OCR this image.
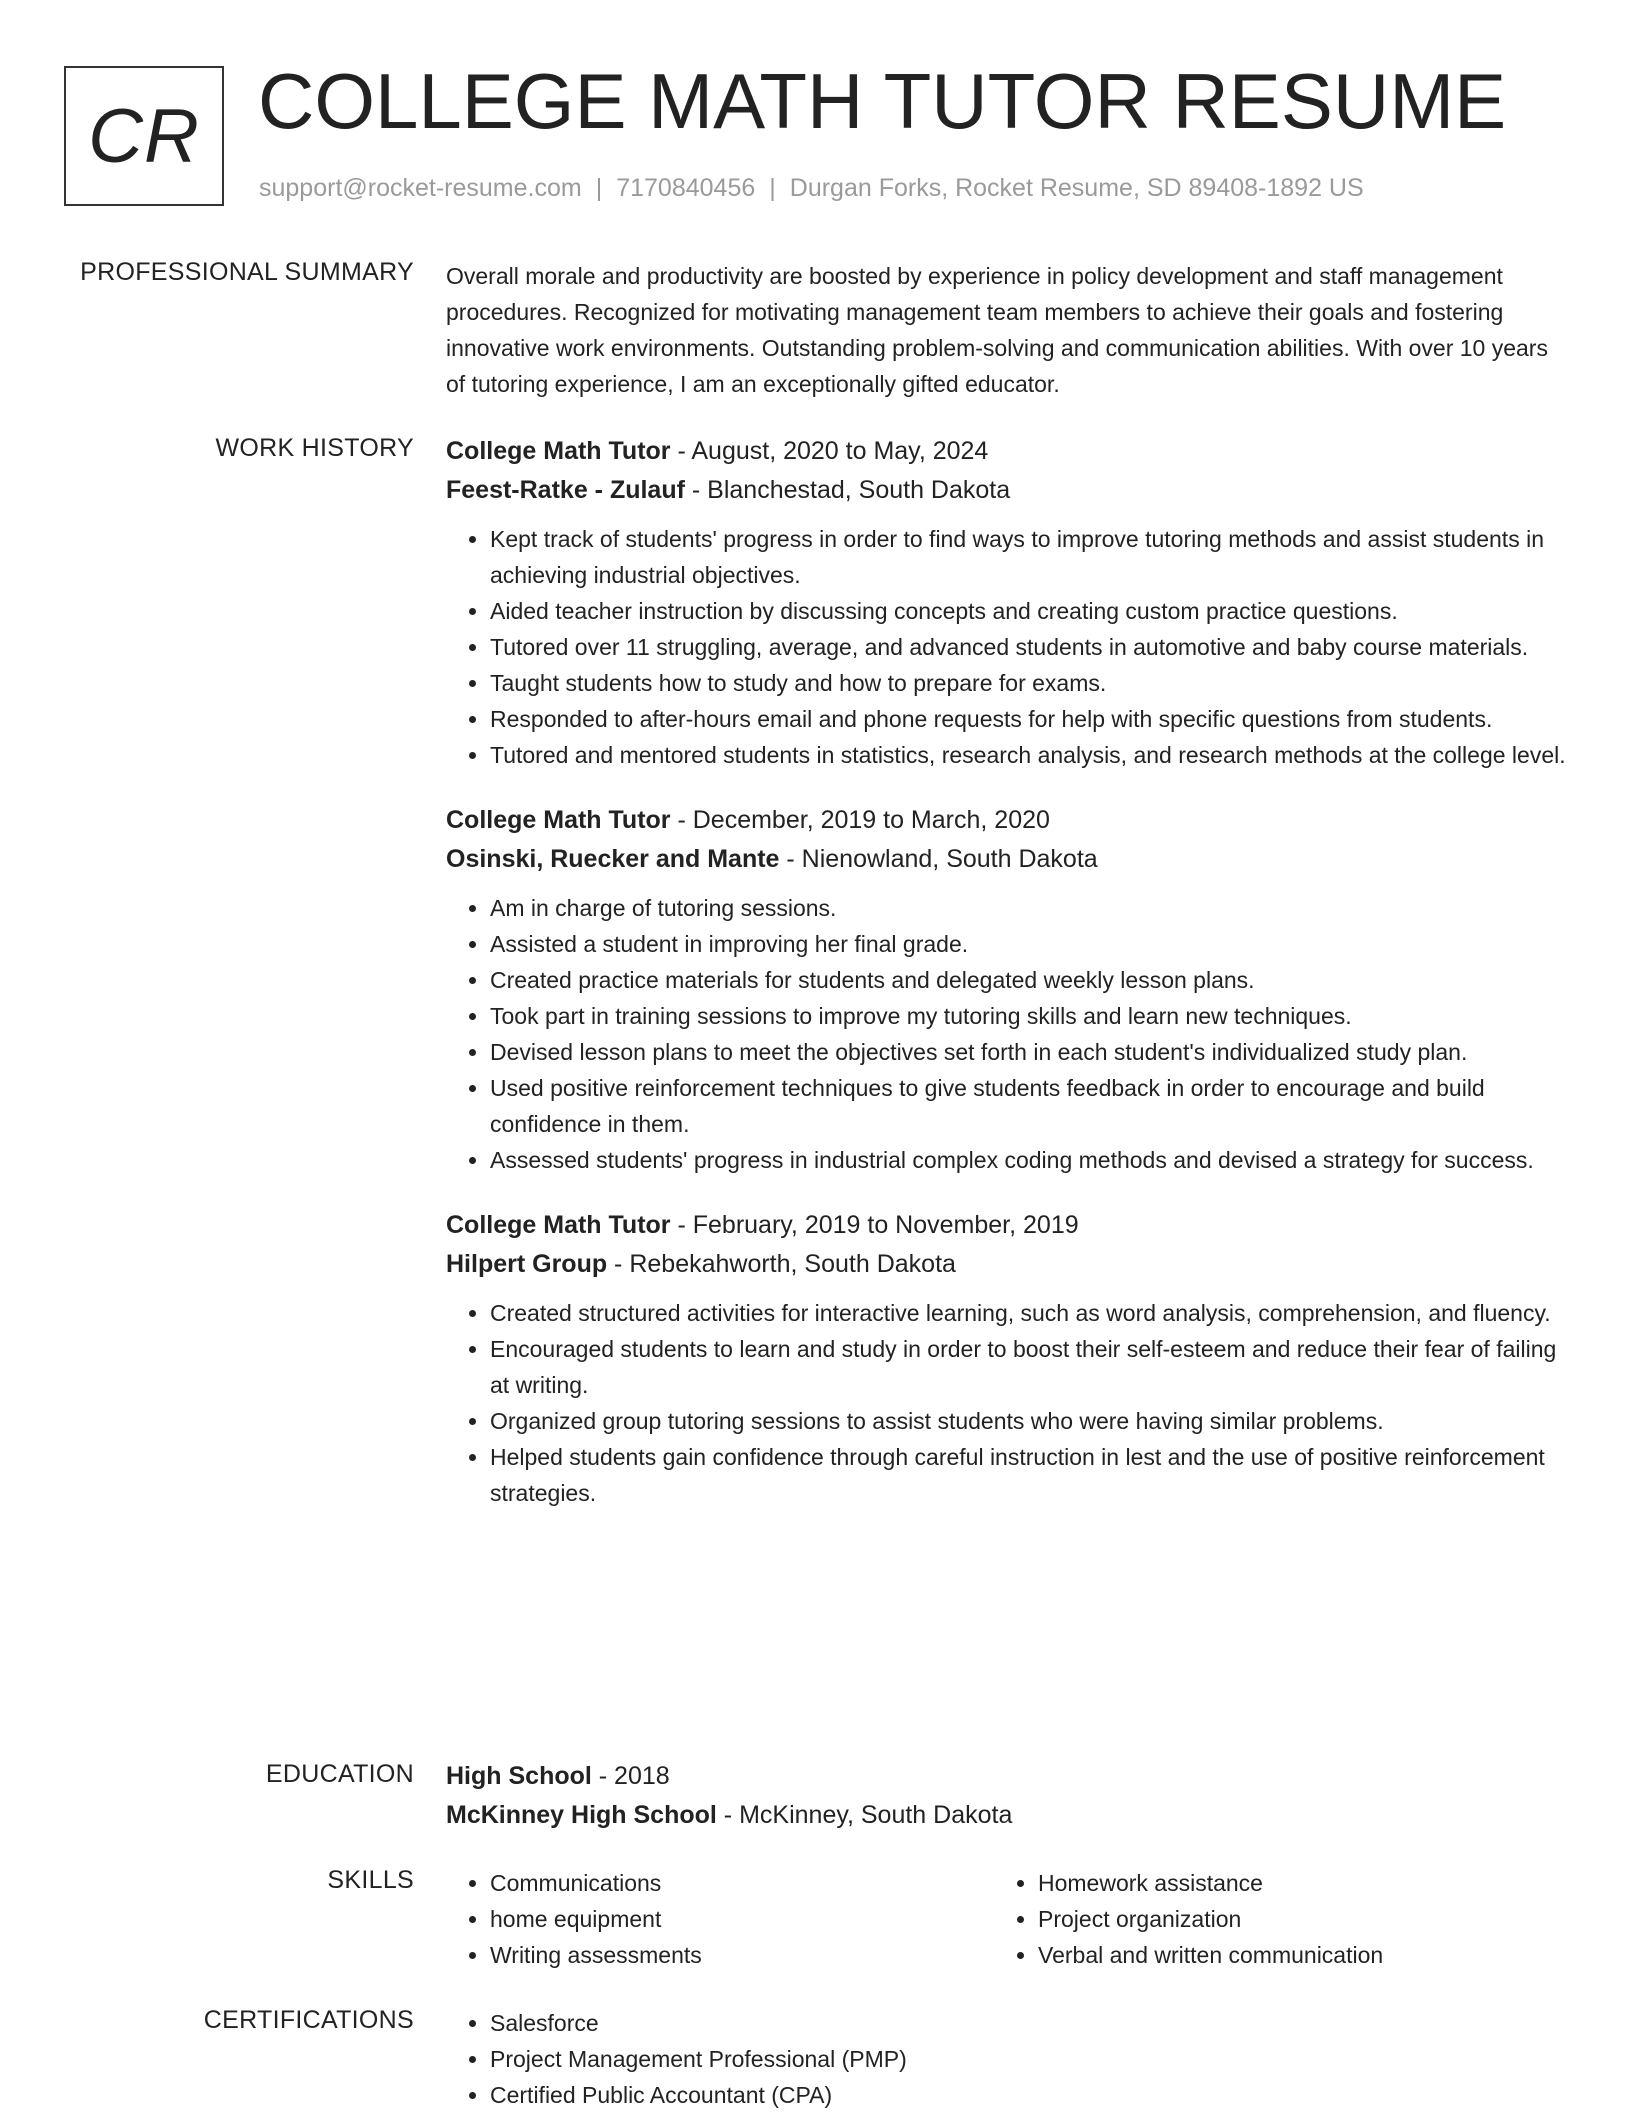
CR COLLEGE MATH TUTOR RESUME
support@rocket-resume.com | 7170840456 | Durgan Forks, Rocket Resume, SD 89408-1892 US
PROFESSIONAL SUMMARY Overall morale and productivity are boosted by experience in policy development and staff management procedures. Recognized for motivating management team members to achieve their goals and fostering innovative work environments. Outstanding problem-solving and communication abilities. With over 10 years of tutoring experience, I am an exceptionally gifted educator.

WORK HISTORY College Math Tutor - August, 2020 to May, 2024
Feest-Ratke - Zulauf - Blanchestad, South Dakota
• Kept track of students' progress in order to find ways to improve tutoring methods and assist students in achieving industrial objectives.
• Aided teacher instruction by discussing concepts and creating custom practice questions.
• Tutored over 11 struggling, average, and advanced students in automotive and baby course materials.
• Taught students how to study and how to prepare for exams.
• Responded to after-hours email and phone requests for help with specific questions from students.
• Tutored and mentored students in statistics, research analysis, and research methods at the college level.
College Math Tutor - December, 2019 to March, 2020
Osinski, Ruecker and Mante - Nienowland, South Dakota
• Am in charge of tutoring sessions.
• Assisted a student in improving her final grade.
• Created practice materials for students and delegated weekly lesson plans.
• Took part in training sessions to improve my tutoring skills and learn new techniques.
• Devised lesson plans to meet the objectives set forth in each student's individualized study plan.
• Used positive reinforcement techniques to give students feedback in order to encourage and build confidence in them.
• Assessed students' progress in industrial complex coding methods and devised a strategy for success.
College Math Tutor - February, 2019 to November, 2019
Hilpert Group - Rebekahworth, South Dakota
• Created structured activities for interactive learning, such as word analysis, comprehension, and fluency.
• Encouraged students to learn and study in order to boost their self-esteem and reduce their fear of failing at writing.
• Organized group tutoring sessions to assist students who were having similar problems.
• Helped students gain confidence through careful instruction in lest and the use of positive reinforcement strategies.
EDUCATION High School - 2018
McKinney High School - McKinney, South Dakota
SKILLS	• Communications
• home equipment
• Writing assessments
• Homework assistance
• Project organization
• Verbal and written communication
CERTIFICATIONS	• Salesforce
• Project Management Professional (PMP)
• Certified Public Accountant (CPA)
